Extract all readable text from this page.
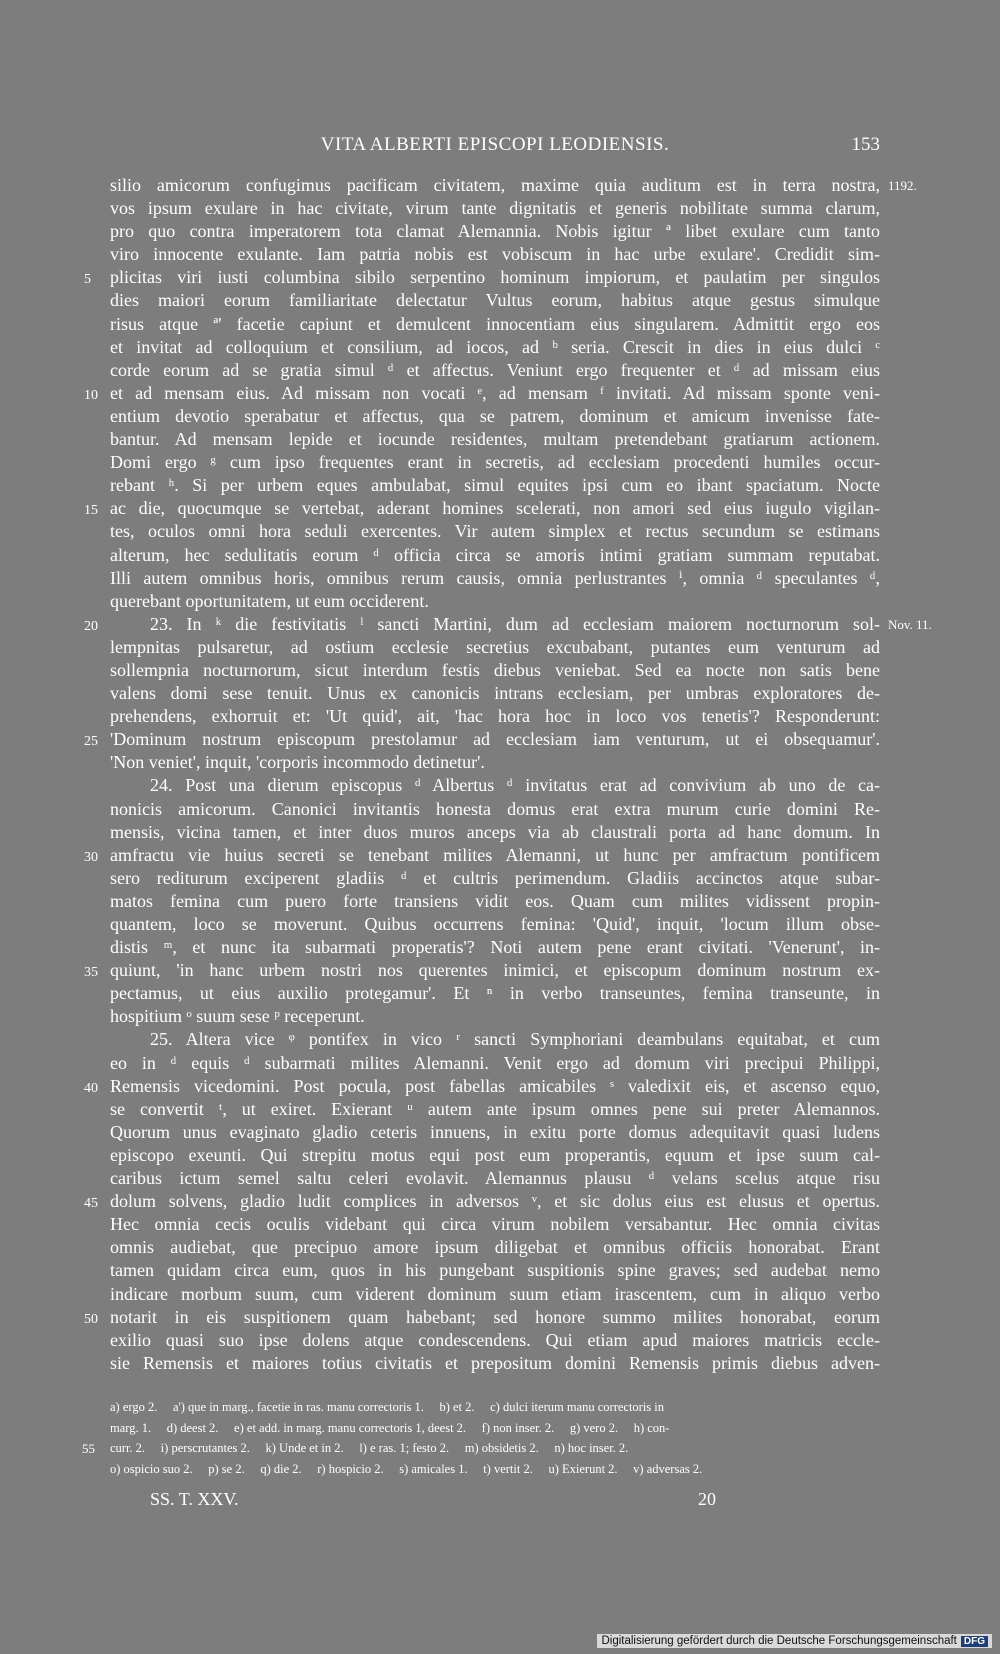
VITA ALBERTI EPISCOPI LEODIENSIS.	153
silio amicorum confugimus pacificam civitatem, maxime quia auditum est in terra nostra, 1192.
vos ipsum exulare in hac civitate, virum tante dignitatis et generis nobilitate summa clarum,
pro quo contra imperatorem tota clamat Alemannia. Nobis igitur ª libet exulare cum tanto
viro innocente exulante. Iam patria nobis est vobiscum in hac urbe exulare'. Credidit sim-
5 plicitas viri iusti columbina sibilo serpentino hominum impiorum, et paulatim per singulos
dies maiori eorum familiaritate delectatur Vultus eorum, habitus atque gestus simulque
risus atque ª' facetie capiunt et demulcent innocentiam eius singularem. Admittit ergo eos
et invitat ad colloquium et consilium, ad iocos, ad ᵇ seria. Crescit in dies in eius dulci ᶜ
corde eorum ad se gratia simul ᵈ et affectus. Veniunt ergo frequenter et ᵈ ad missam eius
10 et ad mensam eius. Ad missam non vocati ᵉ, ad mensam ᶠ invitati. Ad missam sponte veni-
entium devotio sperabatur et affectus, qua se patrem, dominum et amicum invenisse fate-
bantur. Ad mensam lepide et iocunde residentes, multam pretendebant gratiarum actionem.
Domi ergo ᵍ cum ipso frequentes erant in secretis, ad ecclesiam procedenti humiles occur-
rebant ʰ. Si per urbem eques ambulabat, simul equites ipsi cum eo ibant spaciatum. Nocte
15 ac die, quocumque se vertebat, aderant homines scelerati, non amori sed eius iugulo vigilan-
tes, oculos omni hora seduli exercentes. Vir autem simplex et rectus secundum se estimans
alterum, hec sedulitatis eorum ᵈ officia circa se amoris intimi gratiam summam reputabat.
Illi autem omnibus horis, omnibus rerum causis, omnia perlustrantes ⁱ, omnia ᵈ speculantes ᵈ,
querebant oportunitatem, ut eum occiderent.
20	23. In ᵏ die festivitatis ˡ sancti Martini, dum ad ecclesiam maiorem nocturnorum sol- Nov. 11.
lempnitas pulsaretur, ad ostium ecclesie secretius excubabant, putantes eum venturum ad
sollempnia nocturnorum, sicut interdum festis diebus veniebat. Sed ea nocte non satis bene
valens domi sese tenuit. Unus ex canonicis intrans ecclesiam, per umbras exploratores de-
prehendens, exhorruit et: 'Ut quid', ait, 'hac hora hoc in loco vos tenetis'? Responderunt:
25 'Dominum nostrum episcopum prestolamur ad ecclesiam iam venturum, ut ei obsequamur'.
'Non veniet', inquit, 'corporis incommodo detinetur'.
24. Post una dierum episcopus ᵈ Albertus ᵈ invitatus erat ad convivium ab uno de ca-
nonicis amicorum. Canonici invitantis honesta domus erat extra murum curie domini Re-
mensis, vicina tamen, et inter duos muros anceps via ab claustrali porta ad hanc domum. In
30 amfractu vie huius secreti se tenebant milites Alemanni, ut hunc per amfractum pontificem
sero rediturum exciperent gladiis ᵈ et cultris perimendum. Gladiis accinctos atque subar-
matos femina cum puero forte transiens vidit eos. Quam cum milites vidissent propin-
quantem, loco se moverunt. Quibus occurrens femina: 'Quid', inquit, 'locum illum obse-
distis ᵐ, et nunc ita subarmati properatis'? Noti autem pene erant civitati. 'Venerunt', in-
35 quiunt, 'in hanc urbem nostri nos querentes inimici, et episcopum dominum nostrum ex-
pectamus, ut eius auxilio protegamur'. Et ⁿ in verbo transeuntes, femina transeunte, in
hospitium ᵒ suum sese ᵖ receperunt.
25. Altera vice ᵠ pontifex in vico ʳ sancti Symphoriani deambulans equitabat, et cum
eo in ᵈ equis ᵈ subarmati milites Alemanni. Venit ergo ad domum viri precipui Philippi,
40 Remensis vicedomini. Post pocula, post fabellas amicabiles ˢ valedixit eis, et ascenso equo,
se convertit ᵗ, ut exiret. Exierant ᵘ autem ante ipsum omnes pene sui preter Alemannos.
Quorum unus evaginato gladio ceteris innuens, in exitu porte domus adequitavit quasi ludens
episcopo exeunti. Qui strepitu motus equi post eum properantis, equum et ipse suum cal-
caribus ictum semel saltu celeri evolavit. Alemannus plausu ᵈ velans scelus atque risu
45 dolum solvens, gladio ludit complices in adversos ᵛ, et sic dolus eius est elusus et opertus.
Hec omnia cecis oculis videbant qui circa virum nobilem versabantur. Hec omnia civitas
omnis audiebat, que precipuo amore ipsum diligebat et omnibus officiis honorabat. Erant
tamen quidam circa eum, quos in his pungebant suspitionis spine graves; sed audebat nemo
indicare morbum suum, cum viderent dominum suum etiam irascentem, cum in aliquo verbo
50 notarit in eis suspitionem quam habebant; sed honore summo milites honorabat, eorum
exilio quasi suo ipse dolens atque condescendens. Qui etiam apud maiores matricis eccle-
sie Remensis et maiores totius civitatis et prepositum domini Remensis primis diebus adven-
a) ergo 2.     a') que in marg., facetie in ras. manu correctoris 1.     b) et 2.     c) dulci iterum manu correctoris in
marg. 1.     d) deest 2.     e) et add. in marg. manu correctoris 1, deest 2.     f) non inser. 2.     g) vero 2.     h) con-
55 curr. 2.     i) perscrutantes 2.     k) Unde et in 2.     l) e ras. 1; festo 2.     m) obsidetis 2.     n) hoc inser. 2.
o) ospicio suo 2.     p) se 2.     q) die 2.     r) hospicio 2.     s) amicales 1.     t) vertit 2.     u) Exierunt 2.     v) adversas 2.
SS. T. XXV.	20
Digitalisierung gefördert durch die Deutsche Forschungsgemeinschaft DFG
